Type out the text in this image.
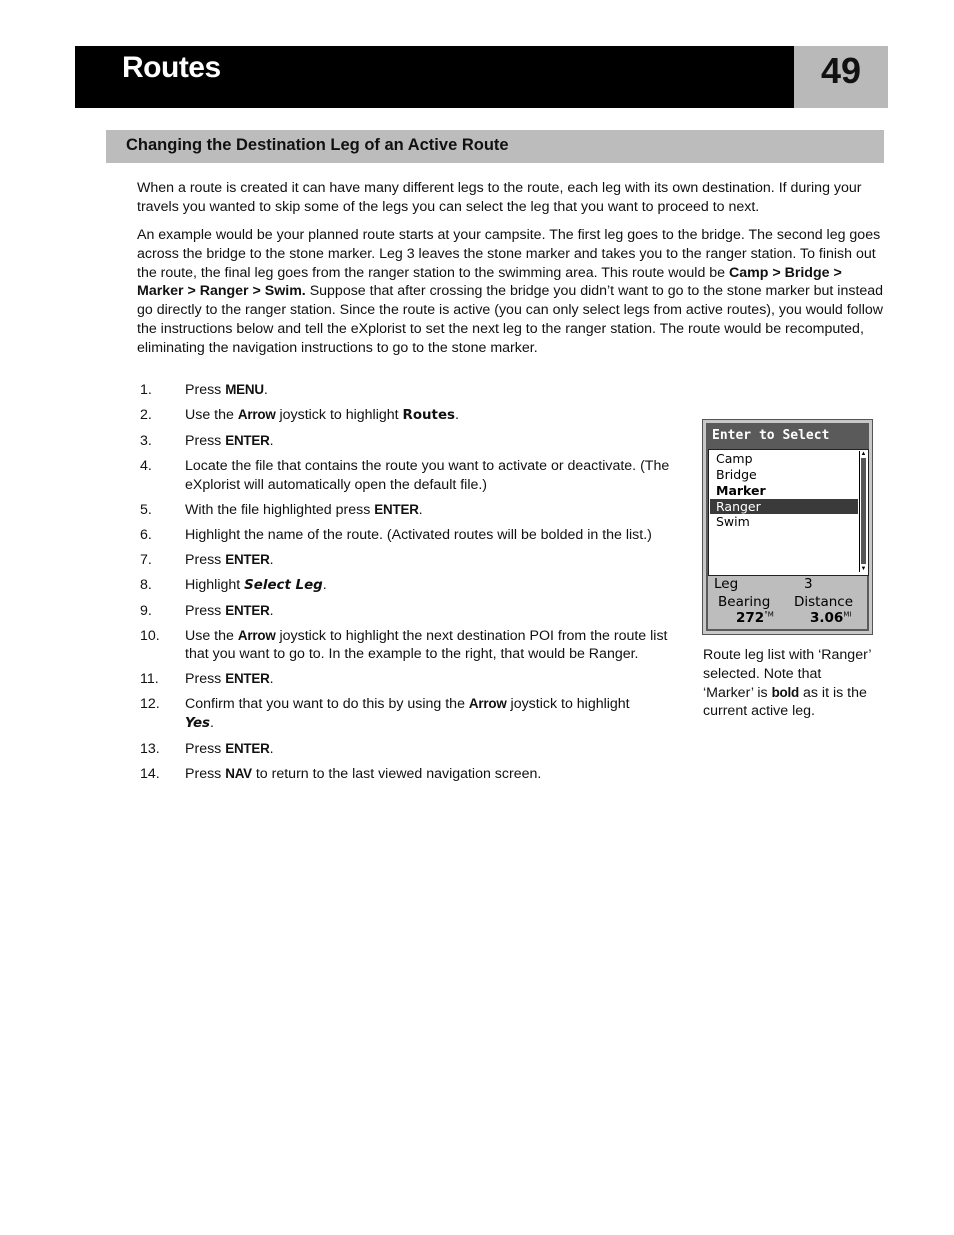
Routes	49
Changing the Destination Leg of an Active Route

When a route is created it can have many different legs to the route, each leg with its own destination. If during your travels you wanted to skip some of the legs you can select the leg that you want to proceed to next.

An example would be your planned route starts at your campsite. The first leg goes to the bridge. The second leg goes across the bridge to the stone marker. Leg 3 leaves the stone marker and takes you to the ranger station. To finish out the route, the final leg goes from the ranger station to the swimming area. This route would be Camp > Bridge > Marker > Ranger > Swim. Suppose that after crossing the bridge you didn’t want to go to the stone marker but instead go directly to the ranger station. Since the route is active (you can only select legs from active routes), you would follow the instructions below and tell the eXplorist to set the next leg to the ranger station. The route would be recomputed, eliminating the navigation instructions to go to the stone marker.

1.	Press MENU.
2.	Use the Arrow joystick to highlight Routes.
3.	Press ENTER.
4.	Locate the file that contains the route you want to activate or deactivate. (The eXplorist will automatically open the default file.)
5.	With the file highlighted press ENTER.
6.	Highlight the name of the route. (Activated routes will be bolded in the list.)
7.	Press ENTER.
8.	Highlight Select Leg.
9.	Press ENTER.
10.	Use the Arrow joystick to highlight the next destination POI from the route list that you want to go to. In the example to the right, that would be Ranger.
11.	Press ENTER.
12.	Confirm that you want to do this by using the Arrow joystick to highlight
Yes.
13.	Press ENTER.
14.	Press NAV to return to the last viewed navigation screen.
Enter to Select
Camp
Bridge
Marker
Ranger
Swim
▲
▼
Leg	3
Bearing Distance
$272^{^\circ M}$	$3.06^{MI}$

Route leg list with ‘Ranger’ selected. Note that ‘Marker’ is bold as it is the current active leg.
